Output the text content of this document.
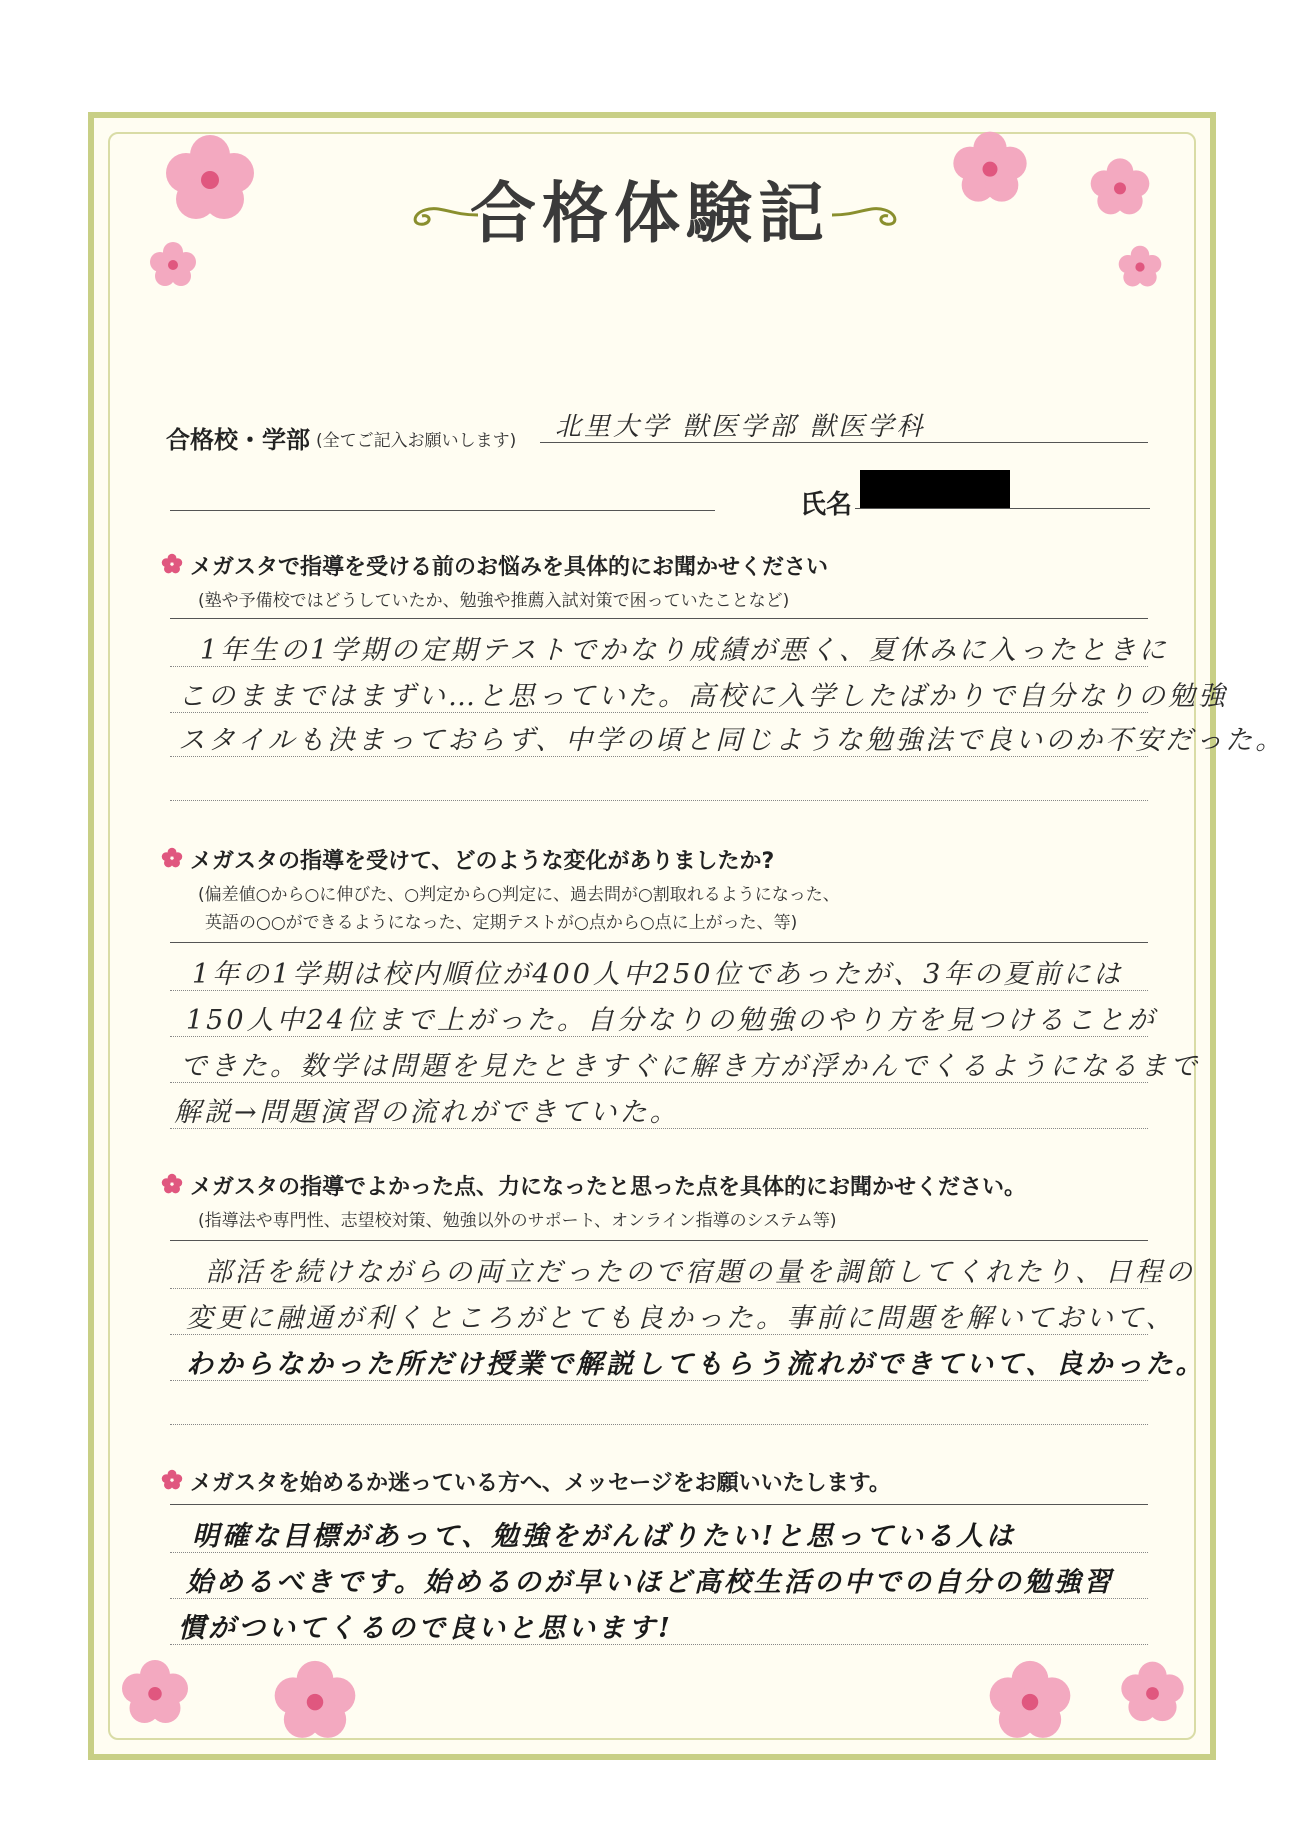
合格体験記
合格校・学部 (全てご記入お願いします) 北里大学 獣医学部 獣医学科
氏名
メガスタで指導を受ける前のお悩みを具体的にお聞かせください
(塾や予備校ではどうしていたか、勉強や推薦入試対策で困っていたことなど)
1年生の1学期の定期テストでかなり成績が悪く、夏休みに入ったときに
このままではまずい…と思っていた。高校に入学したばかりで自分なりの勉強
スタイルも決まっておらず、中学の頃と同じような勉強法で良いのか不安だった。
メガスタの指導を受けて、どのような変化がありましたか?
(偏差値○から○に伸びた、○判定から○判定に、過去問が○割取れるようになった、
英語の○○ができるようになった、定期テストが○点から○点に上がった、等)
1年の1学期は校内順位が400人中250位であったが、3年の夏前には
150人中24位まで上がった。自分なりの勉強のやり方を見つけることが
できた。数学は問題を見たときすぐに解き方が浮かんでくるようになるまで
解説→問題演習の流れができていた。
メガスタの指導でよかった点、力になったと思った点を具体的にお聞かせください。
(指導法や専門性、志望校対策、勉強以外のサポート、オンライン指導のシステム等)
部活を続けながらの両立だったので宿題の量を調節してくれたり、日程の
変更に融通が利くところがとても良かった。事前に問題を解いておいて、
わからなかった所だけ授業で解説してもらう流れができていて、良かった。
メガスタを始めるか迷っている方へ、メッセージをお願いいたします。
明確な目標があって、勉強をがんばりたい!と思っている人は
始めるべきです。始めるのが早いほど高校生活の中での自分の勉強習
慣がついてくるので良いと思います!
